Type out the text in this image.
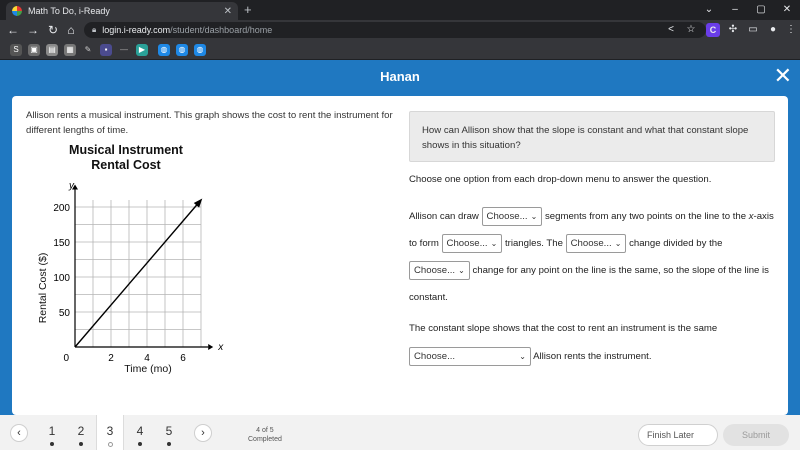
Math To Do, i-Ready	✕ +	⌄	–	▢	✕
← → ↻ ⌂	🔒︎ login.i-ready.com /student/dashboard/home	<	☆	C	✣ ▭	● ⋮
S	▣ ▤ ▦	✎	▪	—	▶	◍	◍	◍
Hanan	✕
Allison rents a musical instrument. This graph shows the cost to rent the instrument for different lengths of time.
Musical Instrument
Rental Cost
x
y
0	2	4	6
50
100
150
200
Time (mo)
Rental Cost ($)
How can Allison show that the slope is constant and what that constant slope shows in this situation?
Choose one option from each drop-down menu to answer the question.
Allison can draw Choose... ⌄ segments from any two points on the line to the x-axis to form Choose... ⌄ triangles. The Choose... ⌄ change divided by the Choose... ⌄ change for any point on the line is the same, so the slope of the line is constant.
The constant slope shows that the cost to rent an instrument is the same
Choose...	⌄ Allison rents the instrument.
‹	1	2	3	4	5	›	4 of 5
Completed	Finish Later	Submit
